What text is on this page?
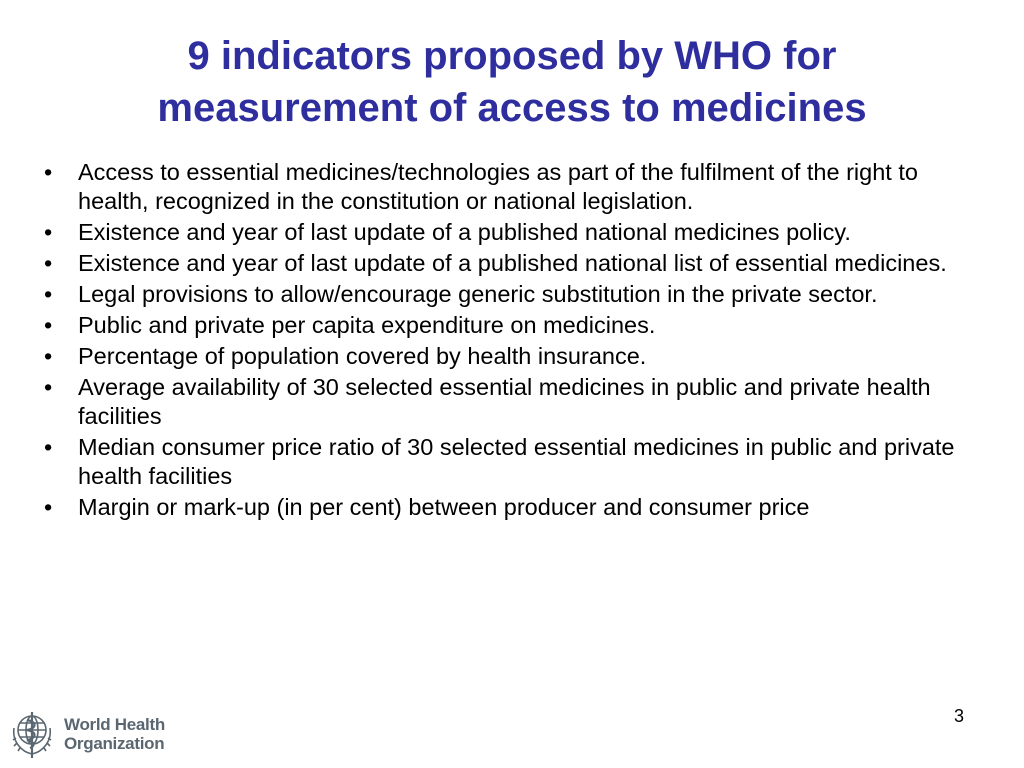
9 indicators proposed by WHO for
measurement of access to medicines
•	Access to essential medicines/technologies as part of the fulfilment of the right to health, recognized in the constitution or national legislation.
•	Existence and year of last update of a published national medicines policy.
•	Existence and year of last update of a published national list of essential medicines.
•	Legal provisions to allow/encourage generic substitution in the private sector.
•	Public and private per capita expenditure on medicines.
•	Percentage of population covered by health insurance.
•	Average availability of 30 selected essential medicines in public and private health facilities
•	Median consumer price ratio of 30 selected essential medicines in public and private health facilities
•	Margin or mark-up (in per cent) between producer and consumer price
World Health
Organization
3
